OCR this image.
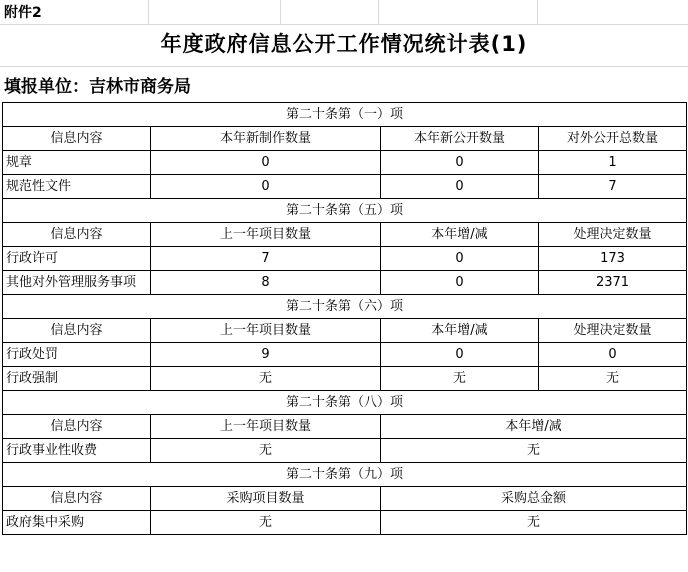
附件2
年度政府信息公开工作情况统计表(1)
填报单位：吉林市商务局
第二十条第（一）项			
信息内容	本年新制作数量	本年新公开数量	对外公开总数量
规章	0	0	1
规范性文件	0	0	7
第二十条第（五）项			
信息内容	上一年项目数量	本年增/减	处理决定数量
行政许可	7	0	173
其他对外管理服务事项	8	0	2371
第二十条第（六）项			
信息内容	上一年项目数量	本年增/减	处理决定数量
行政处罚	9	0	0
行政强制	无	无	无
第二十条第（八）项			
信息内容	上一年项目数量	本年增/减	
行政事业性收费	无	无	
第二十条第（九）项			
信息内容	采购项目数量	采购总金额	
政府集中采购	无	无	
